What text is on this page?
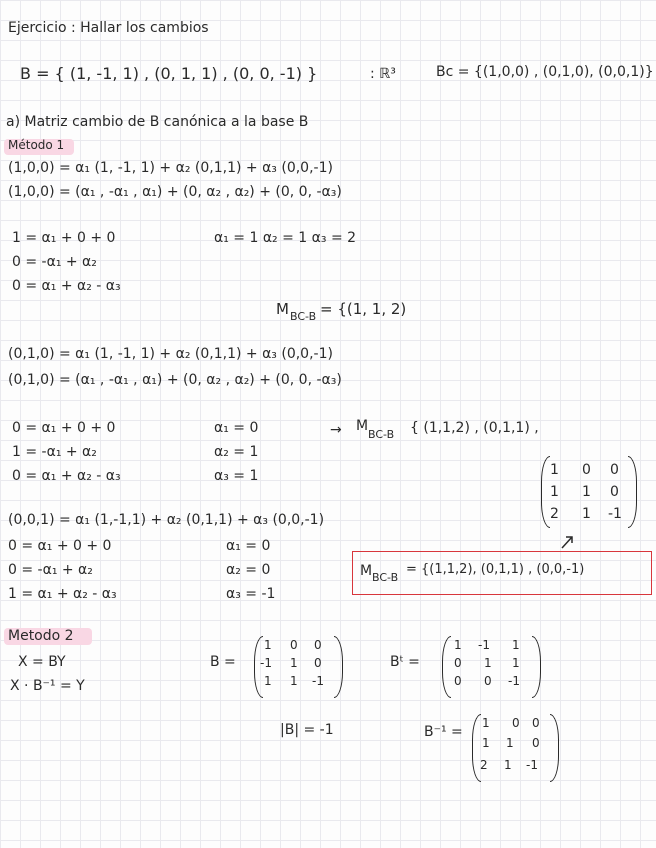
Ejercicio : Hallar los cambios
B = { (1, -1, 1) , (0, 1, 1) , (0, 0, -1) }	: ℝ³	Bc = {(1,0,0) , (0,1,0), (0,0,1)}
a) Matriz cambio de B canónica a la base B
Método 1
(1,0,0) = α₁ (1, -1, 1) + α₂ (0,1,1) + α₃ (0,0,-1)
(1,0,0) = (α₁ , -α₁ , α₁) + (0, α₂ , α₂) + (0, 0, -α₃)
1 = α₁ + 0 + 0
0 = -α₁ + α₂
0 = α₁ + α₂ - α₃
α₁ = 1 α₂ = 1 α₃ = 2
M BC-B = {(1, 1, 2)
(0,1,0) = α₁ (1, -1, 1) + α₂ (0,1,1) + α₃ (0,0,-1)
(0,1,0) = (α₁ , -α₁ , α₁) + (0, α₂ , α₂) + (0, 0, -α₃)
0 = α₁ + 0 + 0
1 = -α₁ + α₂
0 = α₁ + α₂ - α₃
α₁ = 0
α₂ = 1
α₃ = 1
→ M
BC-B { (1,1,2) , (0,1,1) ,
1 0 0
1 1 0
2 1 -1
(0,0,1) = α₁ (1,-1,1) + α₂ (0,1,1) + α₃ (0,0,-1)
0 = α₁ + 0 + 0
0 = -α₁ + α₂
1 = α₁ + α₂ - α₃
α₁ = 0
α₂ = 0
α₃ = -1
M BC-B
= {(1,1,2), (0,1,1) , (0,0,-1)
Metodo 2
X = BY
X · B⁻¹ = Y
B =
1 0 0
-1 1 0
1 1 -1
Bᵗ =
1 -1 1
0 1 1
0 0 -1
|B| = -1	B⁻¹ =
1 0 0
1 1 0
2 1 -1
